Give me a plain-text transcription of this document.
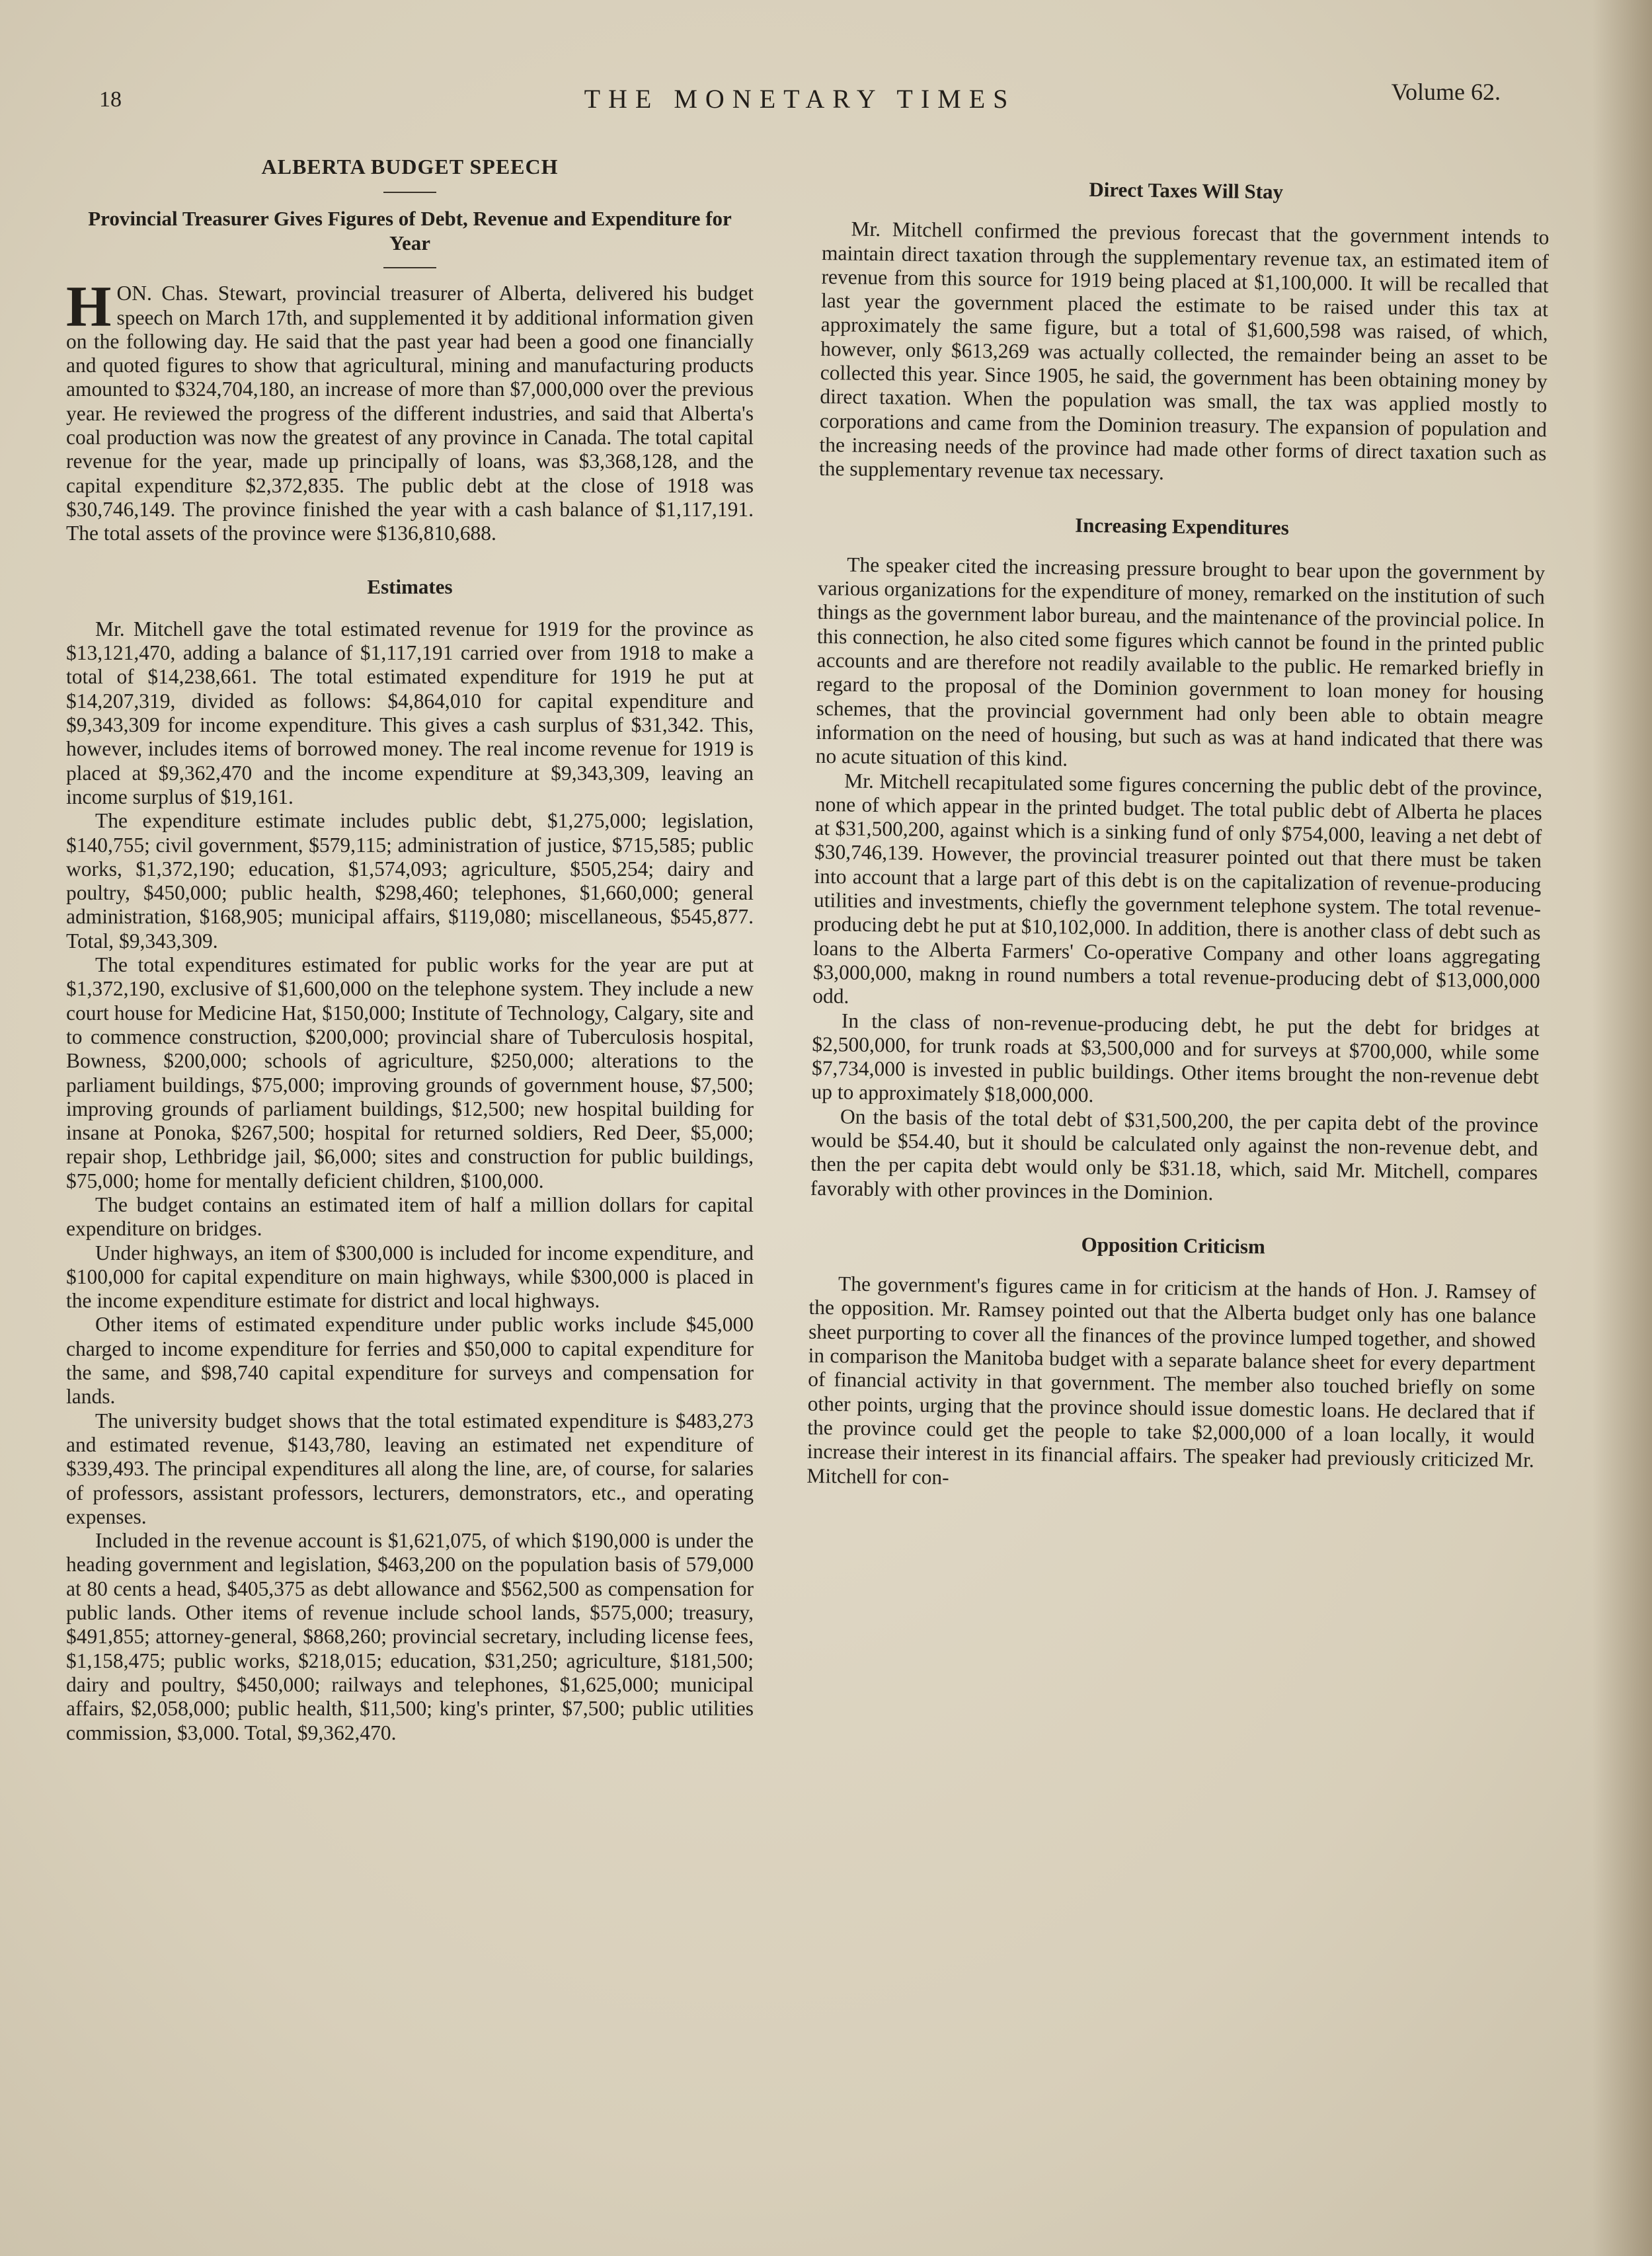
18	THE MONETARY TIMES	Volume 62.
ALBERTA BUDGET SPEECH
Provincial Treasurer Gives Figures of Debt, Revenue and Expenditure for Year

HON. Chas. Stewart, provincial treasurer of Alberta, delivered his budget speech on March 17th, and supplemented it by additional information given on the following day. He said that the past year had been a good one financially and quoted figures to show that agricultural, mining and manufacturing products amounted to $324,704,180, an increase of more than $7,000,000 over the previous year. He reviewed the progress of the different industries, and said that Alberta's coal production was now the greatest of any province in Canada. The total capital revenue for the year, made up principally of loans, was $3,368,128, and the capital expenditure $2,372,835. The public debt at the close of 1918 was $30,746,149. The province finished the year with a cash balance of $1,117,191. The total assets of the province were $136,810,688.

Estimates

Mr. Mitchell gave the total estimated revenue for 1919 for the province as $13,121,470, adding a balance of $1,117,191 carried over from 1918 to make a total of $14,238,661. The total estimated expenditure for 1919 he put at $14,207,319, divided as follows: $4,864,010 for capital expenditure and $9,343,309 for income expenditure. This gives a cash surplus of $31,342. This, however, includes items of borrowed money. The real income revenue for 1919 is placed at $9,362,470 and the income expenditure at $9,343,309, leaving an income surplus of $19,161.

The expenditure estimate includes public debt, $1,275,000; legislation, $140,755; civil government, $579,115; administration of justice, $715,585; public works, $1,372,190; education, $1,574,093; agriculture, $505,254; dairy and poultry, $450,000; public health, $298,460; telephones, $1,660,000; general administration, $168,905; municipal affairs, $119,080; miscellaneous, $545,877. Total, $9,343,309.

The total expenditures estimated for public works for the year are put at $1,372,190, exclusive of $1,600,000 on the telephone system. They include a new court house for Medicine Hat, $150,000; Institute of Technology, Calgary, site and to commence construction, $200,000; provincial share of Tuberculosis hospital, Bowness, $200,000; schools of agriculture, $250,000; alterations to the parliament buildings, $75,000; improving grounds of government house, $7,500; improving grounds of parliament buildings, $12,500; new hospital building for insane at Ponoka, $267,500; hospital for returned soldiers, Red Deer, $5,000; repair shop, Lethbridge jail, $6,000; sites and construction for public buildings, $75,000; home for mentally deficient children, $100,000.

The budget contains an estimated item of half a million dollars for capital expenditure on bridges.

Under highways, an item of $300,000 is included for income expenditure, and $100,000 for capital expenditure on main highways, while $300,000 is placed in the income expenditure estimate for district and local highways.

Other items of estimated expenditure under public works include $45,000 charged to income expenditure for ferries and $50,000 to capital expenditure for the same, and $98,740 capital expenditure for surveys and compensation for lands.

The university budget shows that the total estimated expenditure is $483,273 and estimated revenue, $143,780, leaving an estimated net expenditure of $339,493. The principal expenditures all along the line, are, of course, for salaries of professors, assistant professors, lecturers, demonstrators, etc., and operating expenses.

Included in the revenue account is $1,621,075, of which $190,000 is under the heading government and legislation, $463,200 on the population basis of 579,000 at 80 cents a head, $405,375 as debt allowance and $562,500 as compensation for public lands. Other items of revenue include school lands, $575,000; treasury, $491,855; attorney-general, $868,260; provincial secretary, including license fees, $1,158,475; public works, $218,015; education, $31,250; agriculture, $181,500; dairy and poultry, $450,000; railways and telephones, $1,625,000; municipal affairs, $2,058,000; public health, $11,500; king's printer, $7,500; public utilities commission, $3,000. Total, $9,362,470.

Direct Taxes Will Stay

Mr. Mitchell confirmed the previous forecast that the government intends to maintain direct taxation through the supplementary revenue tax, an estimated item of revenue from this source for 1919 being placed at $1,100,000. It will be recalled that last year the government placed the estimate to be raised under this tax at approximately the same figure, but a total of $1,600,598 was raised, of which, however, only $613,269 was actually collected, the remainder being an asset to be collected this year. Since 1905, he said, the government has been obtaining money by direct taxation. When the population was small, the tax was applied mostly to corporations and came from the Dominion treasury. The expansion of population and the increasing needs of the province had made other forms of direct taxation such as the supplementary revenue tax necessary.

Increasing Expenditures

The speaker cited the increasing pressure brought to bear upon the government by various organizations for the expenditure of money, remarked on the institution of such things as the government labor bureau, and the maintenance of the provincial police. In this connection, he also cited some figures which cannot be found in the printed public accounts and are therefore not readily available to the public. He remarked briefly in regard to the proposal of the Dominion government to loan money for housing schemes, that the provincial government had only been able to obtain meagre information on the need of housing, but such as was at hand indicated that there was no acute situation of this kind.

Mr. Mitchell recapitulated some figures concerning the public debt of the province, none of which appear in the printed budget. The total public debt of Alberta he places at $31,500,200, against which is a sinking fund of only $754,000, leaving a net debt of $30,746,139. However, the provincial treasurer pointed out that there must be taken into account that a large part of this debt is on the capitalization of revenue-producing utilities and investments, chiefly the government telephone system. The total revenue-producing debt he put at $10,102,000. In addition, there is another class of debt such as loans to the Alberta Farmers' Co-operative Company and other loans aggregating $3,000,000, makng in round numbers a total revenue-producing debt of $13,000,000 odd.

In the class of non-revenue-producing debt, he put the debt for bridges at $2,500,000, for trunk roads at $3,500,000 and for surveys at $700,000, while some $7,734,000 is invested in public buildings. Other items brought the non-revenue debt up to approximately $18,000,000.

On the basis of the total debt of $31,500,200, the per capita debt of the province would be $54.40, but it should be calculated only against the non-revenue debt, and then the per capita debt would only be $31.18, which, said Mr. Mitchell, compares favorably with other provinces in the Dominion.

Opposition Criticism

The government's figures came in for criticism at the hands of Hon. J. Ramsey of the opposition. Mr. Ramsey pointed out that the Alberta budget only has one balance sheet purporting to cover all the finances of the province lumped together, and showed in comparison the Manitoba budget with a separate balance sheet for every department of financial activity in that government. The member also touched briefly on some other points, urging that the province should issue domestic loans. He declared that if the province could get the people to take $2,000,000 of a loan locally, it would increase their interest in its financial affairs. The speaker had previously criticized Mr. Mitchell for con-
